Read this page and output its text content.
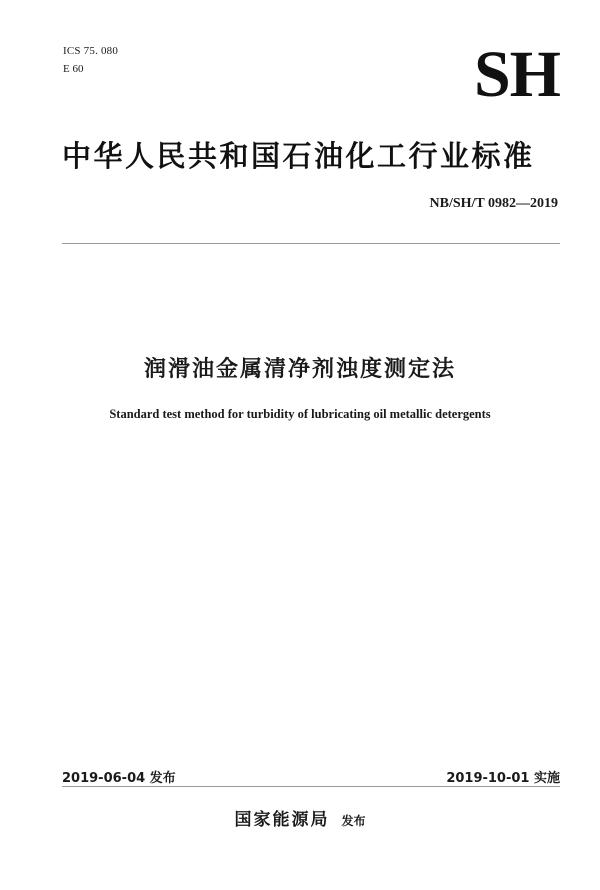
ICS 75. 080
E 60	SH
中华人民共和国石油化工行业标准
NB/SH/T 0982—2019
润滑油金属清净剂浊度测定法
Standard test method for turbidity of lubricating oil metallic detergents
2019-06-04 发布	2019-10-01 实施
国家能源局 发布
